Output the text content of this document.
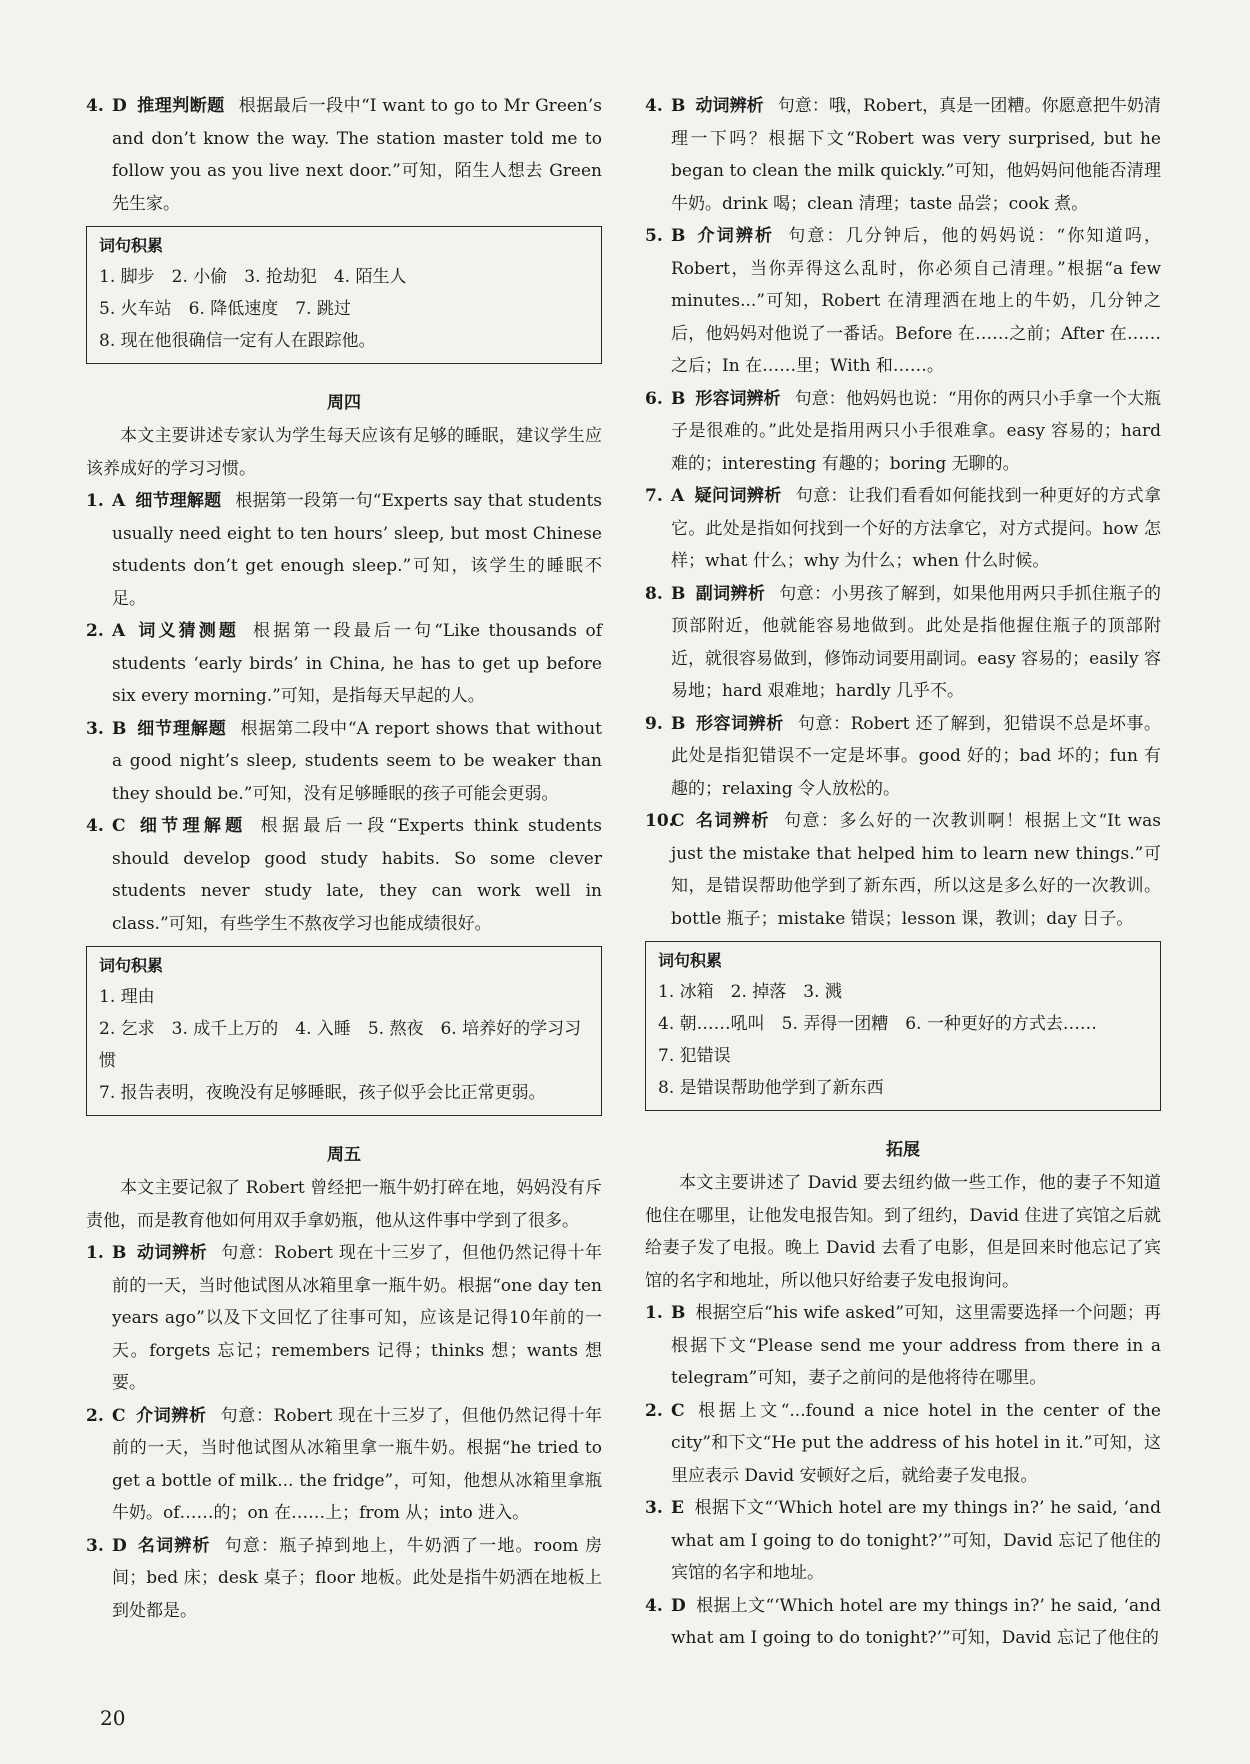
4. D 推理判断题 根据最后一段中“I want to go to Mr Green’s and don’t know the way. The station master told me to follow you as you live next door.”可知，陌生人想去 Green 先生家。
词句积累
1. 脚步　2. 小偷　3. 抢劫犯　4. 陌生人
5. 火车站　6. 降低速度　7. 跳过
8. 现在他很确信一定有人在跟踪他。
周四
本文主要讲述专家认为学生每天应该有足够的睡眠，建议学生应该养成好的学习习惯。
1. A 细节理解题 根据第一段第一句“Experts say that students usually need eight to ten hours’ sleep, but most Chinese students don’t get enough sleep.”可知，该学生的睡眠不足。
2. A 词义猜测题 根据第一段最后一句“Like thousands of students ‘early birds’ in China, he has to get up before six every morning.”可知，是指每天早起的人。
3. B 细节理解题 根据第二段中“A report shows that without a good night’s sleep, students seem to be weaker than they should be.”可知，没有足够睡眠的孩子可能会更弱。
4. C 细节理解题 根据最后一段“Experts think students should develop good study habits. So some clever students never study late, they can work well in class.”可知，有些学生不熬夜学习也能成绩很好。
词句积累
1. 理由
2. 乞求　3. 成千上万的　4. 入睡　5. 熬夜　6. 培养好的学习习惯
7. 报告表明，夜晚没有足够睡眠，孩子似乎会比正常更弱。
周五
本文主要记叙了 Robert 曾经把一瓶牛奶打碎在地，妈妈没有斥责他，而是教育他如何用双手拿奶瓶，他从这件事中学到了很多。
1. B 动词辨析 句意：Robert 现在十三岁了，但他仍然记得十年前的一天，当时他试图从冰箱里拿一瓶牛奶。根据“one day ten years ago”以及下文回忆了往事可知，应该是记得10年前的一天。forgets 忘记；remembers 记得；thinks 想；wants 想要。
2. C 介词辨析 句意：Robert 现在十三岁了，但他仍然记得十年前的一天，当时他试图从冰箱里拿一瓶牛奶。根据“he tried to get a bottle of milk... the fridge”，可知，他想从冰箱里拿瓶牛奶。of……的；on 在……上；from 从；into 进入。
3. D 名词辨析 句意：瓶子掉到地上，牛奶洒了一地。room 房间；bed 床；desk 桌子；floor 地板。此处是指牛奶洒在地板上到处都是。
4. B 动词辨析 句意：哦，Robert，真是一团糟。你愿意把牛奶清理一下吗？根据下文“Robert was very surprised, but he began to clean the milk quickly.”可知，他妈妈问他能否清理牛奶。drink 喝；clean 清理；taste 品尝；cook 煮。
5. B 介词辨析 句意：几分钟后，他的妈妈说：“你知道吗，Robert，当你弄得这么乱时，你必须自己清理。”根据“a few minutes...”可知，Robert 在清理洒在地上的牛奶，几分钟之后，他妈妈对他说了一番话。Before 在……之前；After 在……之后；In 在……里；With 和……。
6. B 形容词辨析 句意：他妈妈也说：“用你的两只小手拿一个大瓶子是很难的。”此处是指用两只小手很难拿。easy 容易的；hard 难的；interesting 有趣的；boring 无聊的。
7. A 疑问词辨析 句意：让我们看看如何能找到一种更好的方式拿它。此处是指如何找到一个好的方法拿它，对方式提问。how 怎样；what 什么；why 为什么；when 什么时候。
8. B 副词辨析 句意：小男孩了解到，如果他用两只手抓住瓶子的顶部附近，他就能容易地做到。此处是指他握住瓶子的顶部附近，就很容易做到，修饰动词要用副词。easy 容易的；easily 容易地；hard 艰难地；hardly 几乎不。
9. B 形容词辨析 句意：Robert 还了解到，犯错误不总是坏事。此处是指犯错误不一定是坏事。good 好的；bad 坏的；fun 有趣的；relaxing 令人放松的。
10.
C 名词辨析 句意：多么好的一次教训啊！根据上文“It was just the mistake that helped him to learn new things.”可知，是错误帮助他学到了新东西，所以这是多么好的一次教训。bottle 瓶子；mistake 错误；lesson 课，教训；day 日子。
词句积累
1. 冰箱　2. 掉落　3. 溅
4. 朝……吼叫　5. 弄得一团糟　6. 一种更好的方式去……
7. 犯错误
8. 是错误帮助他学到了新东西
拓展
本文主要讲述了 David 要去纽约做一些工作，他的妻子不知道他住在哪里，让他发电报告知。到了纽约，David 住进了宾馆之后就给妻子发了电报。晚上 David 去看了电影，但是回来时他忘记了宾馆的名字和地址，所以他只好给妻子发电报询问。
1. B 根据空后“his wife asked”可知，这里需要选择一个问题；再根据下文“Please send me your address from there in a telegram”可知，妻子之前问的是他将待在哪里。
2. C 根据上文“...found a nice hotel in the center of the city”和下文“He put the address of his hotel in it.”可知，这里应表示 David 安顿好之后，就给妻子发电报。
3. E 根据下文“‘Which hotel are my things in?’ he said, ‘and what am I going to do tonight?’”可知，David 忘记了他住的宾馆的名字和地址。
4. D 根据上文“‘Which hotel are my things in?’ he said, ‘and what am I going to do tonight?’”可知，David 忘记了他住的
20
